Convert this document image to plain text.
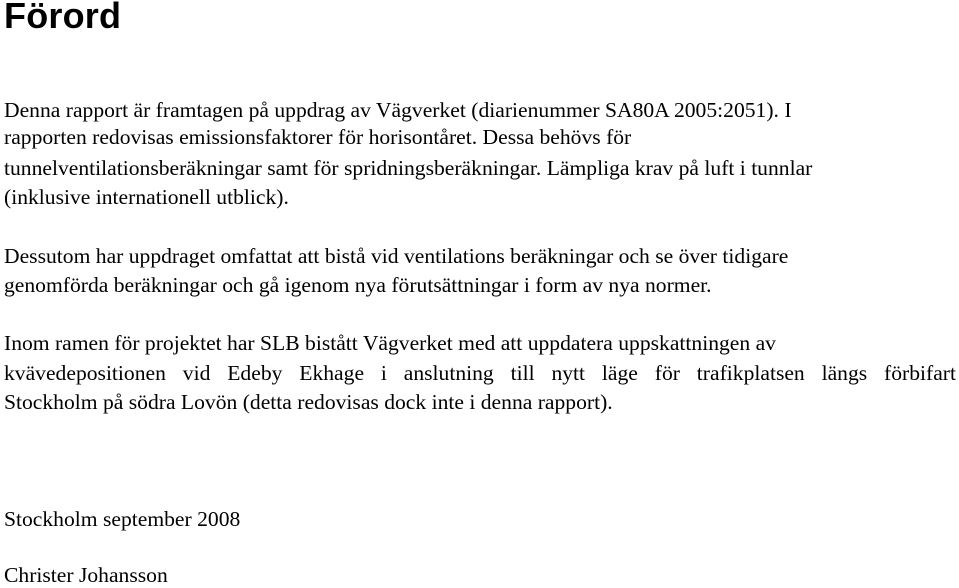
Förord

Denna rapport är framtagen på uppdrag av Vägverket (diarienummer SA80A 2005:2051). I

rapporten redovisas emissionsfaktorer för horisontåret. Dessa behövs för

tunnelventilationsberäkningar samt för spridningsberäkningar. Lämpliga krav på luft i tunnlar

(inklusive internationell utblick).

Dessutom har uppdraget omfattat att bistå vid ventilations beräkningar och se över tidigare

genomförda beräkningar och gå igenom nya förutsättningar i form av nya normer.

Inom ramen för projektet har SLB bistått Vägverket med att uppdatera uppskattningen av

kvävedepositionen vid Edeby Ekhage i anslutning till nytt läge för trafikplatsen längs förbifart

Stockholm på södra Lovön (detta redovisas dock inte i denna rapport).

Stockholm september 2008

Christer Johansson
